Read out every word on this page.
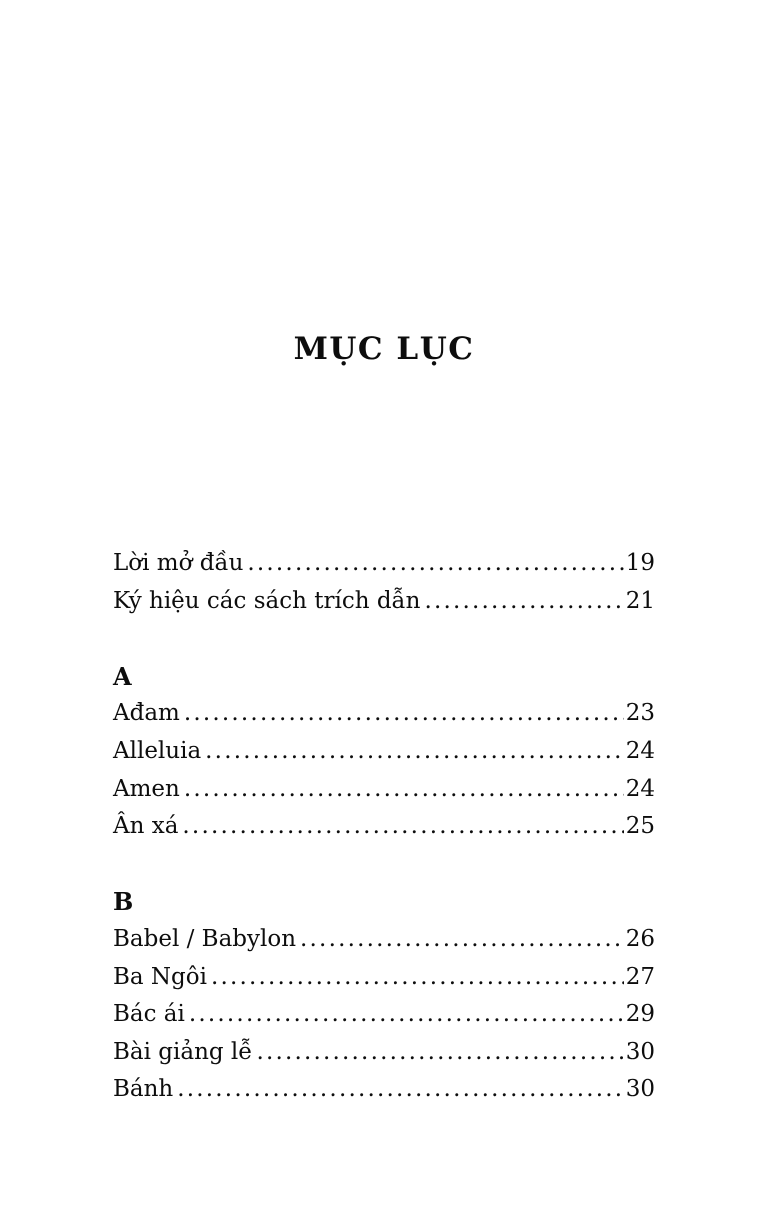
MỤC LỤC
Lời mở đầu .....	19
Ký hiệu các sách trích dẫn .....	21
A
Ađam .....	23
Alleluia .....	24
Amen .....	24
Ân xá .....	25
B
Babel / Babylon .....	26
Ba Ngôi .....	27
Bác ái .....	29
Bài giảng lễ .....	30
Bánh .....	30
